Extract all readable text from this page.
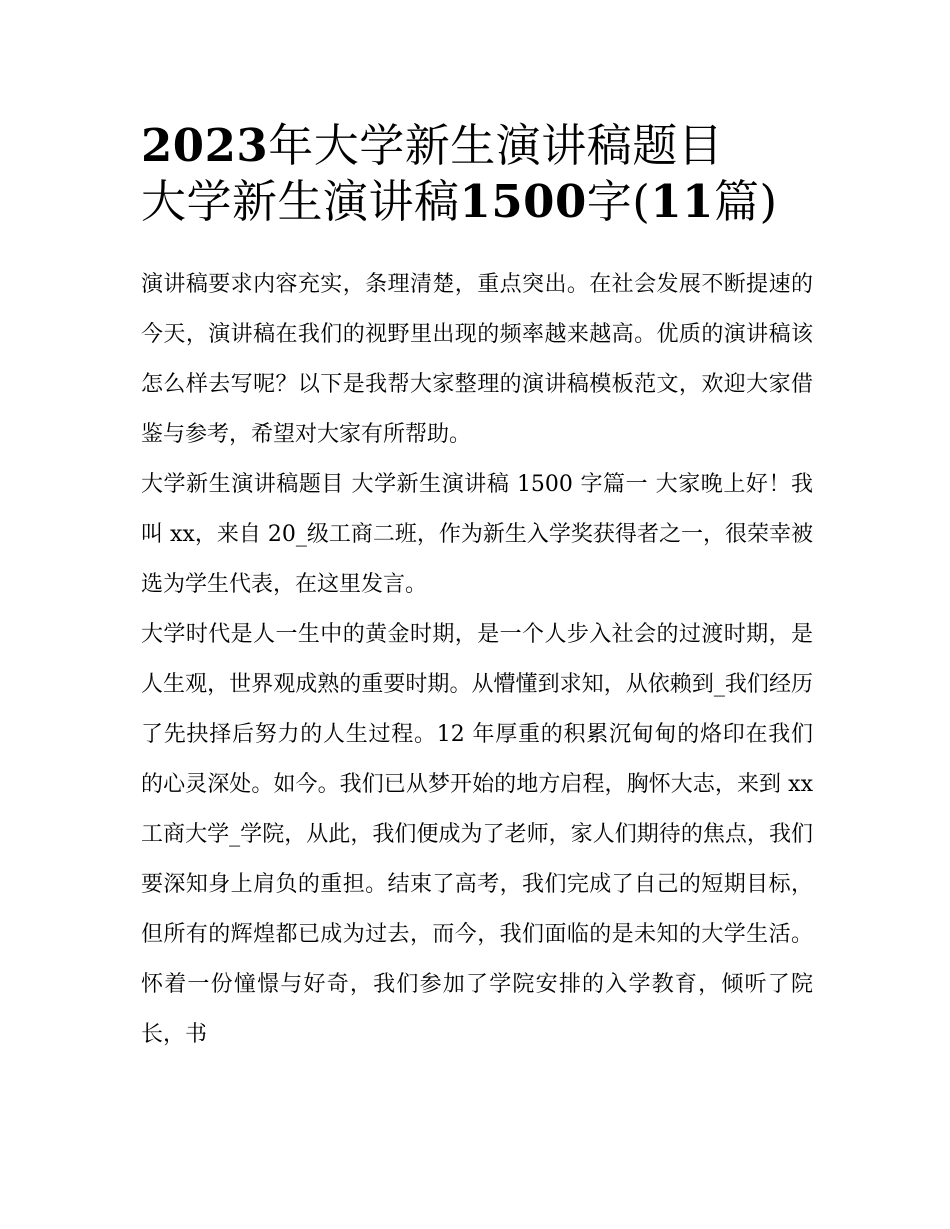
2023年大学新生演讲稿题目

大学新生演讲稿1500字(11篇)

演讲稿要求内容充实，条理清楚，重点突出。在社会发展不断提速的今天，演讲稿在我们的视野里出现的频率越来越高。优质的演讲稿该怎么样去写呢？以下是我帮大家整理的演讲稿模板范文，欢迎大家借鉴与参考，希望对大家有所帮助。

大学新生演讲稿题目 大学新生演讲稿 1500 字篇一 大家晚上好！我叫 xx，来自 20_级工商二班，作为新生入学奖获得者之一，很荣幸被选为学生代表，在这里发言。

大学时代是人一生中的黄金时期，是一个人步入社会的过渡时期，是人生观，世界观成熟的重要时期。从懵懂到求知，从依赖到_我们经历了先抉择后努力的人生过程。12 年厚重的积累沉甸甸的烙印在我们的心灵深处。如今。我们已从梦开始的地方启程，胸怀大志，来到 xx 工商大学_学院，从此，我们便成为了老师，家人们期待的焦点，我们要深知身上肩负的重担。结束了高考，我们完成了自己的短期目标，但所有的辉煌都已成为过去，而今，我们面临的是未知的大学生活。怀着一份憧憬与好奇，我们参加了学院安排的入学教育，倾听了院长，书
